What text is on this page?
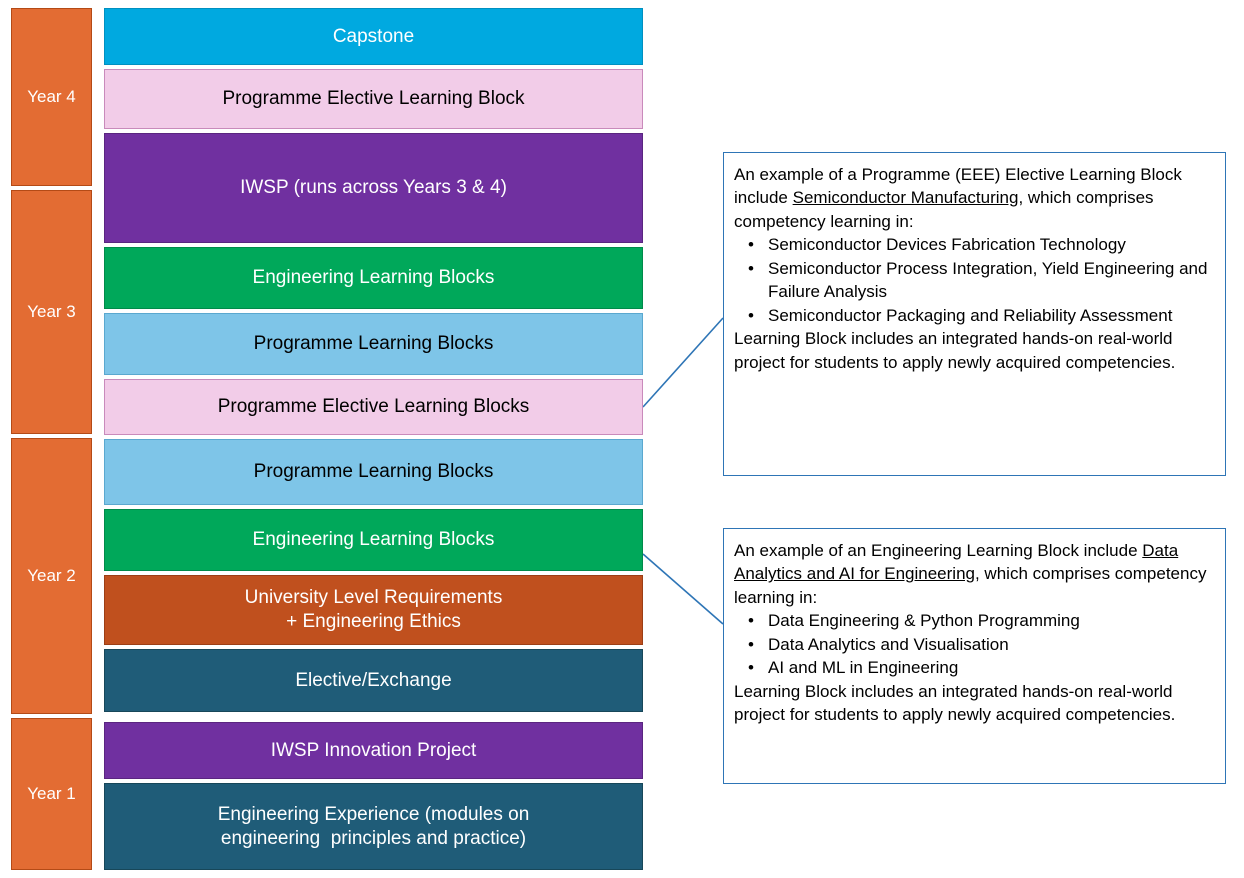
Year 4
Year 3
Year 2
Year 1
Capstone
Programme Elective Learning Block
IWSP (runs across Years 3 & 4)
Engineering Learning Blocks
Programme Learning Blocks
Programme Elective Learning Blocks
Programme Learning Blocks
Engineering Learning Blocks
University Level Requirements
+ Engineering Ethics
Elective/Exchange
IWSP Innovation Project
Engineering Experience (modules on
engineering  principles and practice)

An example of a Programme (EEE) Elective Learning Block include Semiconductor Manufacturing, which comprises competency learning in:

• Semiconductor Devices Fabrication Technology
• Semiconductor Process Integration, Yield Engineering and Failure Analysis
• Semiconductor Packaging and Reliability Assessment

Learning Block includes an integrated hands-on real-world project for students to apply newly acquired competencies.

An example of an Engineering Learning Block include Data Analytics and AI for Engineering, which comprises competency learning in:

• Data Engineering & Python Programming
• Data Analytics and Visualisation
• AI and ML in Engineering

Learning Block includes an integrated hands-on real-world project for students to apply newly acquired competencies.
